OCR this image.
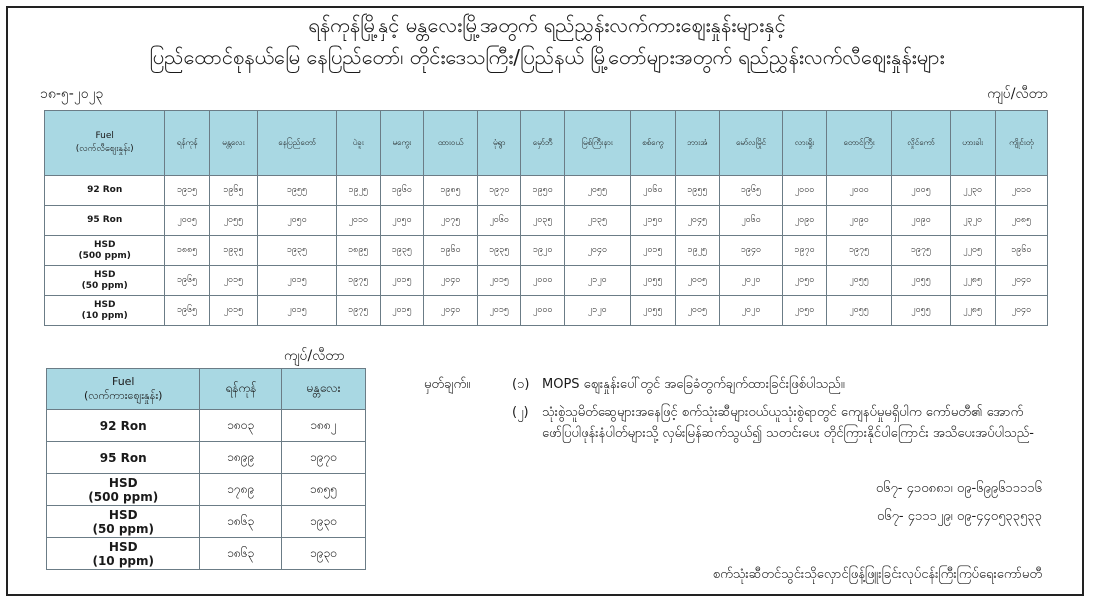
ရန်ကုန်မြို့နှင့် မန္တလေးမြို့အတွက် ရည်ညွှန်းလက်ကားဈေးနှုန်းများနှင့်
ပြည်ထောင်စုနယ်မြေ နေပြည်တော်၊ တိုင်းဒေသကြီး/ပြည်နယ် မြို့တော်များအတွက် ရည်ညွှန်းလက်လီဈေးနှုန်းများ
၁၈-၅-၂၀၂၃	ကျပ်/လီတာ
Fuel
(လက်လီဈေးနှုန်း)	ရန်ကုန်	မန္တလေး	နေပြည်တော်	ပဲခူး	မကွေး	ထားဝယ်	မုံရွာ	မှော်ဘီ	မြစ်ကြီးနား	စစ်ကွေ	ဘားအံ	မော်လမြိုင်	လားရှိုး	တောင်ကြီး	လှိုင်ကော်	ဟားခါး	ကျိုင်းတုံ

92 Ron	၁၉၁၅	၁၉၆၅	၁၉၅၅	၁၉၂၅	၁၉၆၀	၁၉၈၅	၁၉၇၀	၁၉၅၀	၂၀၅၅	၂၀၆၀	၁၉၅၅	၁၉၆၅	၂၀၀၀	၂၀၀၀	၂၀၀၅	၂၂၃၀	၂၀၁၀

95 Ron	၂၀၀၅	၂၀၅၅	၂၀၅၀	၂၀၁၀	၂၀၅၀	၂၀၇၅	၂၀၆၀	၂၀၃၅	၂၁၃၅	၂၁၅၀	၂၀၄၅	၂၀၆၀	၂၀၉၀	၂၀၉၀	၂၀၉၀	၂၃၂၀	၂၀၈၅

HSD
(500 ppm)	၁၈၈၅	၁၉၃၅	၁၉၃၅	၁၈၉၅	၁၉၃၅	၁၉၆၀	၁၉၃၅	၁၉၂၀	၂၀၄၀	၂၀၁၅	၁၉၂၅	၁၉၄၀	၁၉၇၀	၁၉၇၅	၁၉၇၅	၂၂၀၅	၁၉၆၀

HSD
(50 ppm)	၁၉၆၅	၂၀၁၅	၂၀၁၅	၁၉၇၅	၂၀၁၅	၂၀၄၀	၂၀၁၅	၂၀၀၀	၂၁၂၀	၂၀၅၅	၂၀၀၅	၂၀၂၀	၂၀၅၀	၂၀၅၅	၂၀၅၅	၂၂၈၅	၂၀၄၀

HSD
(10 ppm)	၁၉၆၅	၂၀၁၅	၂၀၁၅	၁၉၇၅	၂၀၁၅	၂၀၄၀	၂၀၁၅	၂၀၀၀	၂၁၂၀	၂၀၅၅	၂၀၀၅	၂၀၂၀	၂၀၅၀	၂၀၅၅	၂၀၅၅	၂၂၈၅	၂၀၄၀
ကျပ်/လီတာ
Fuel
(လက်ကားဈေးနှုန်း)	ရန်ကုန်	မန္တလေး

92 Ron	၁၈၀၃	၁၈၈၂

95 Ron	၁၈၉၉	၁၉၇၀

HSD
(500 ppm)	၁၇၈၉	၁၈၅၅

HSD
(50 ppm)	၁၈၆၃	၁၉၃၀

HSD
(10 ppm)	၁၈၆၃	၁၉၃၀
မှတ်ချက်။	(၁) MOPS ဈေးနှုန်းပေါ်တွင် အခြေခံတွက်ချက်ထားခြင်းဖြစ်ပါသည်။
(၂) သုံးစွဲသူမိတ်ဆွေများအနေဖြင့် စက်သုံးဆီများဝယ်ယူသုံးစွဲရာတွင် ကျေနပ်မှုမရှိပါက ကော်မတီ၏ အောက်ဖော်ပြပါဖုန်းနံပါတ်များသို့ လှမ်းမြန်ဆက်သွယ်၍ သတင်းပေး တိုင်ကြားနိုင်ပါကြောင်း အသိပေးအပ်ပါသည်-
၀၆၇- ၄၁၀၈၈၁၊ ၀၉-၆၉၉၆၁၁၁၁၆
၀၆၇- ၄၁၁၁၂၉၊ ၀၉-၄၄၀၅၃၃၅၃၃
စက်သုံးဆီတင်သွင်းသိုလှောင်ဖြန့်ဖြူးခြင်းလုပ်ငန်းကြီးကြပ်ရေးကော်မတီ
